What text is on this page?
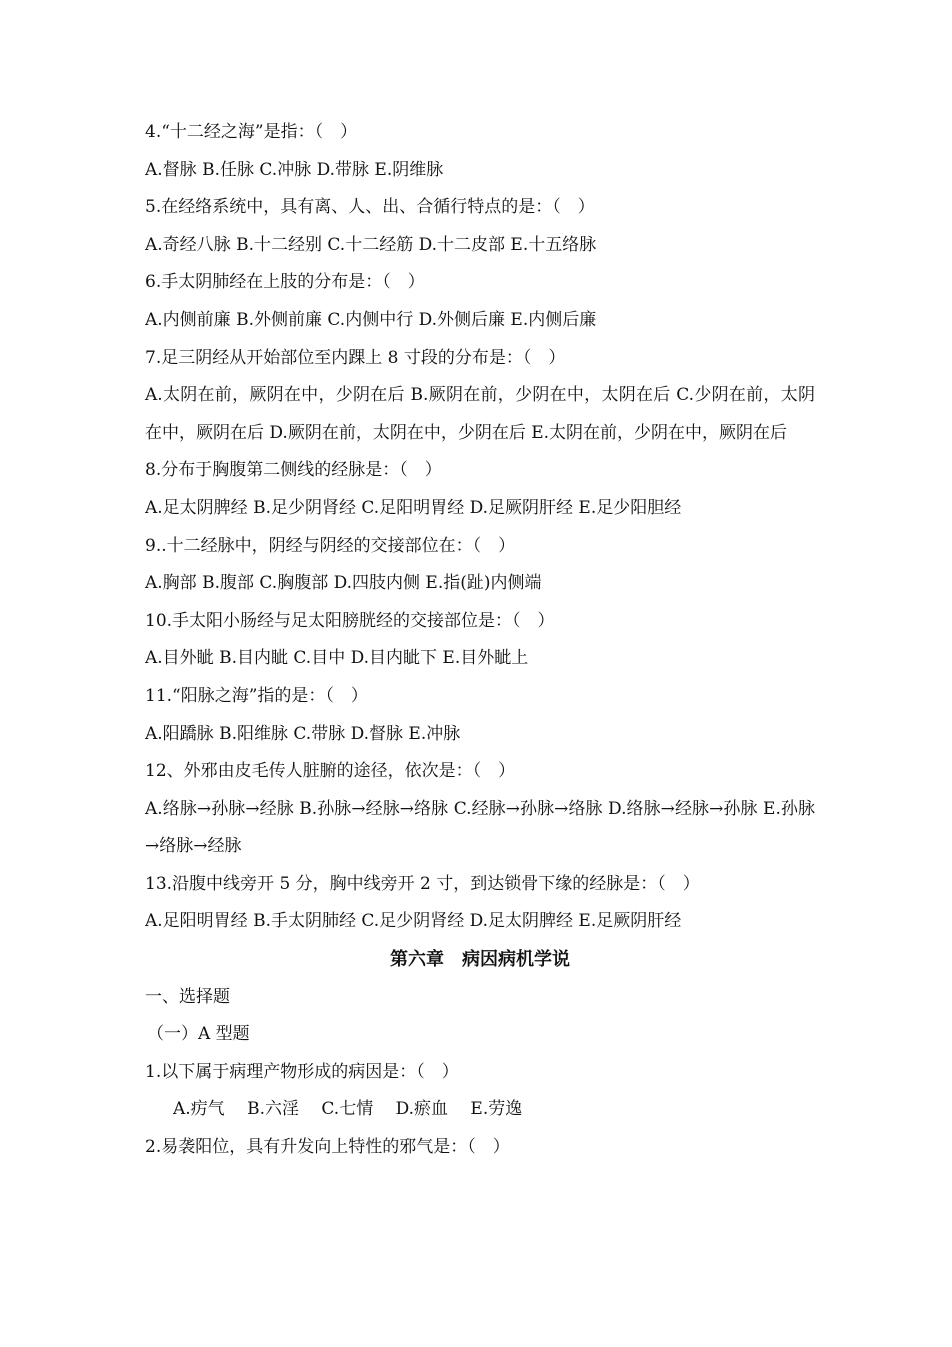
4.“十二经之海”是指：（　）
A.督脉 B.任脉 C.冲脉 D.带脉 E.阴维脉
5.在经络系统中，具有离、人、出、合循行特点的是：（　）
A.奇经八脉 B.十二经别 C.十二经筋 D.十二皮部 E.十五络脉
6.手太阴肺经在上肢的分布是：（　）
A.内侧前廉 B.外侧前廉 C.内侧中行 D.外侧后廉 E.内侧后廉
7.足三阴经从开始部位至内踝上 8 寸段的分布是：（　）
A.太阴在前，厥阴在中，少阴在后 B.厥阴在前，少阴在中，太阴在后 C.少阴在前，太阴在中，厥阴在后 D.厥阴在前，太阴在中，少阴在后 E.太阴在前，少阴在中，厥阴在后
8.分布于胸腹第二侧线的经脉是：（　）
A.足太阴脾经 B.足少阴肾经 C.足阳明胃经 D.足厥阴肝经 E.足少阳胆经
9..十二经脉中，阴经与阴经的交接部位在：（　）
A.胸部 B.腹部 C.胸腹部 D.四肢内侧 E.指(趾)内侧端
10.手太阳小肠经与足太阳膀胱经的交接部位是：（　）
A.目外眦 B.目内眦 C.目中 D.目内眦下 E.目外眦上
11.“阳脉之海”指的是：（　）
A.阳蹻脉 B.阳维脉 C.带脉 D.督脉 E.冲脉
12、外邪由皮毛传人脏腑的途径，依次是：（　）
A.络脉→孙脉→经脉 B.孙脉→经脉→络脉 C.经脉→孙脉→络脉 D.络脉→经脉→孙脉 E.孙脉→络脉→经脉
13.沿腹中线旁开 5 分，胸中线旁开 2 寸，到达锁骨下缘的经脉是：（　）
A.足阳明胃经 B.手太阴肺经 C.足少阴肾经 D.足太阴脾经 E.足厥阴肝经
第六章　病因病机学说
一、选择题
（一）A 型题
1.以下属于病理产物形成的病因是：（　）
A.疠气　 B.六淫　 C.七情　 D.瘀血　 E.劳逸
2.易袭阳位，具有升发向上特性的邪气是：（　）
